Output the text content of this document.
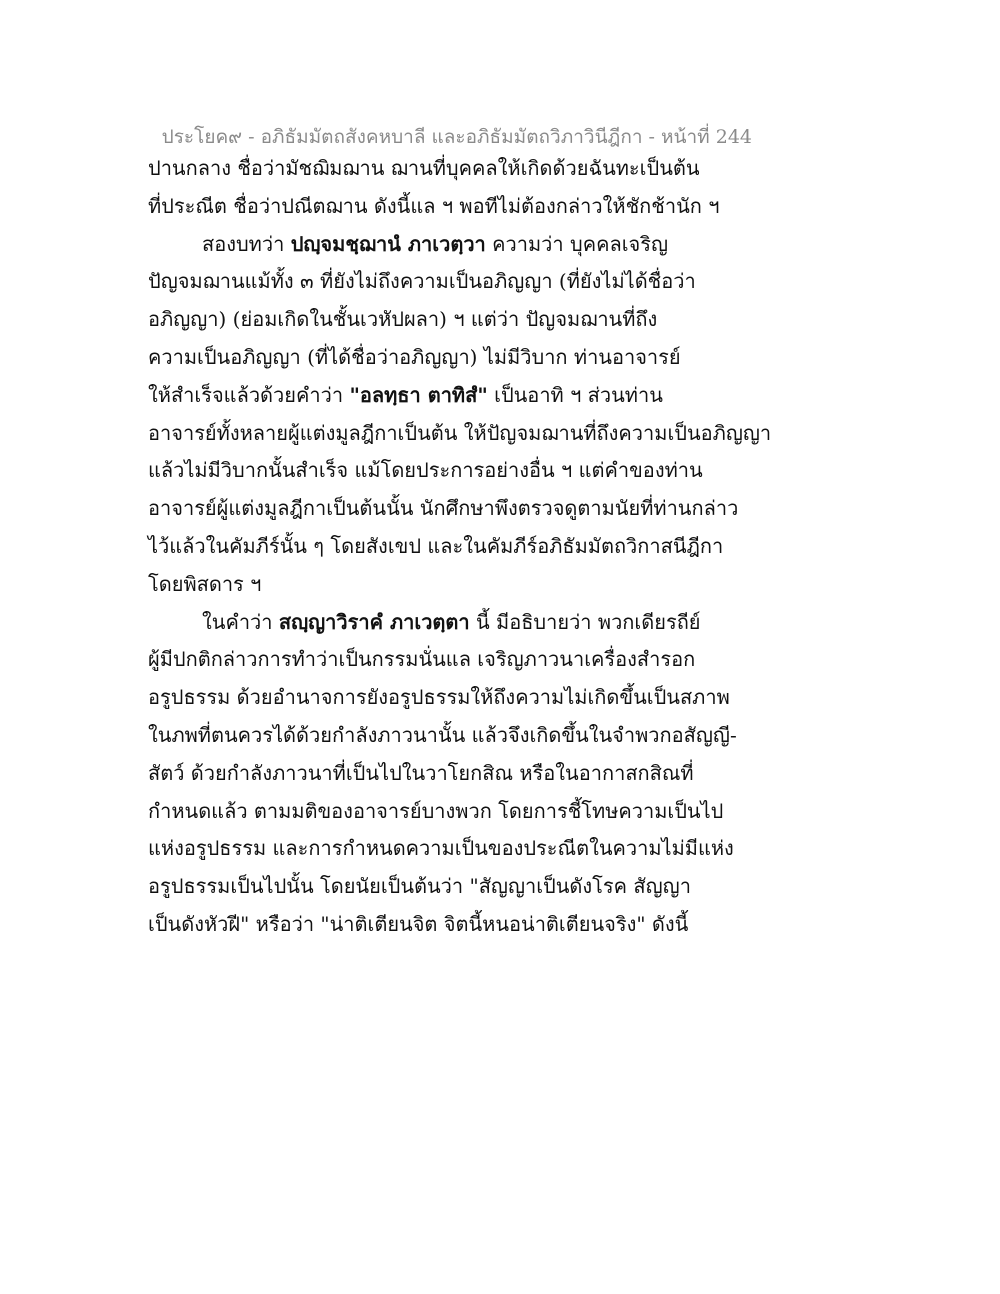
ประโยค๙ - อภิธัมมัตถสังคหบาลี และอภิธัมมัตถวิภาวินีฎีกา - หน้าที่ 244
ปานกลาง ชื่อว่ามัชฌิมฌาน ฌานที่บุคคลให้เกิดด้วยฉันทะเป็นต้น
ที่ประณีต ชื่อว่าปณีตฌาน ดังนี้แล ฯ พอทีไม่ต้องกล่าวให้ชักช้านัก ฯ
สองบทว่า ปญฺจมชฺฌานํ ภาเวตฺวา ความว่า บุคคลเจริญ
ปัญจมฌานแม้ทั้ง ๓ ที่ยังไม่ถึงความเป็นอภิญญา (ที่ยังไม่ได้ชื่อว่า
อภิญญา) (ย่อมเกิดในชั้นเวหัปผลา) ฯ แต่ว่า ปัญจมฌานที่ถึง
ความเป็นอภิญญา (ที่ได้ชื่อว่าอภิญญา) ไม่มีวิบาก ท่านอาจารย์
ให้สำเร็จแล้วด้วยคำว่า "อลทฺธา ตาทิสํ" เป็นอาทิ ฯ ส่วนท่าน
อาจารย์ทั้งหลายผู้แต่งมูลฎีกาเป็นต้น ให้ปัญจมฌานที่ถึงความเป็นอภิญญา
แล้วไม่มีวิบากนั้นสำเร็จ แม้โดยประการอย่างอื่น ฯ แต่คำของท่าน
อาจารย์ผู้แต่งมูลฎีกาเป็นต้นนั้น นักศึกษาพึงตรวจดูตามนัยที่ท่านกล่าว
ไว้แล้วในคัมภีร์นั้น ๆ โดยสังเขป และในคัมภีร์อภิธัมมัตถวิกาสนีฎีกา
โดยพิสดาร ฯ
ในคำว่า สญฺญาวิราคํ ภาเวตฺตา นี้ มีอธิบายว่า พวกเดียรถีย์
ผู้มีปกติกล่าวการทำว่าเป็นกรรมนั่นแล เจริญภาวนาเครื่องสำรอก
อรูปธรรม ด้วยอำนาจการยังอรูปธรรมให้ถึงความไม่เกิดขึ้นเป็นสภาพ
ในภพที่ตนควรได้ด้วยกำลังภาวนานั้น แล้วจึงเกิดขึ้นในจำพวกอสัญญี-
สัตว์ ด้วยกำลังภาวนาที่เป็นไปในวาโยกสิณ หรือในอากาสกสิณที่
กำหนดแล้ว ตามมติของอาจารย์บางพวก โดยการชี้โทษความเป็นไป
แห่งอรูปธรรม และการกำหนดความเป็นของประณีตในความไม่มีแห่ง
อรูปธรรมเป็นไปนั้น โดยนัยเป็นต้นว่า "สัญญาเป็นดังโรค สัญญา
เป็นดังหัวฝี" หรือว่า "น่าติเตียนจิต จิตนี้หนอน่าติเตียนจริง" ดังนี้
